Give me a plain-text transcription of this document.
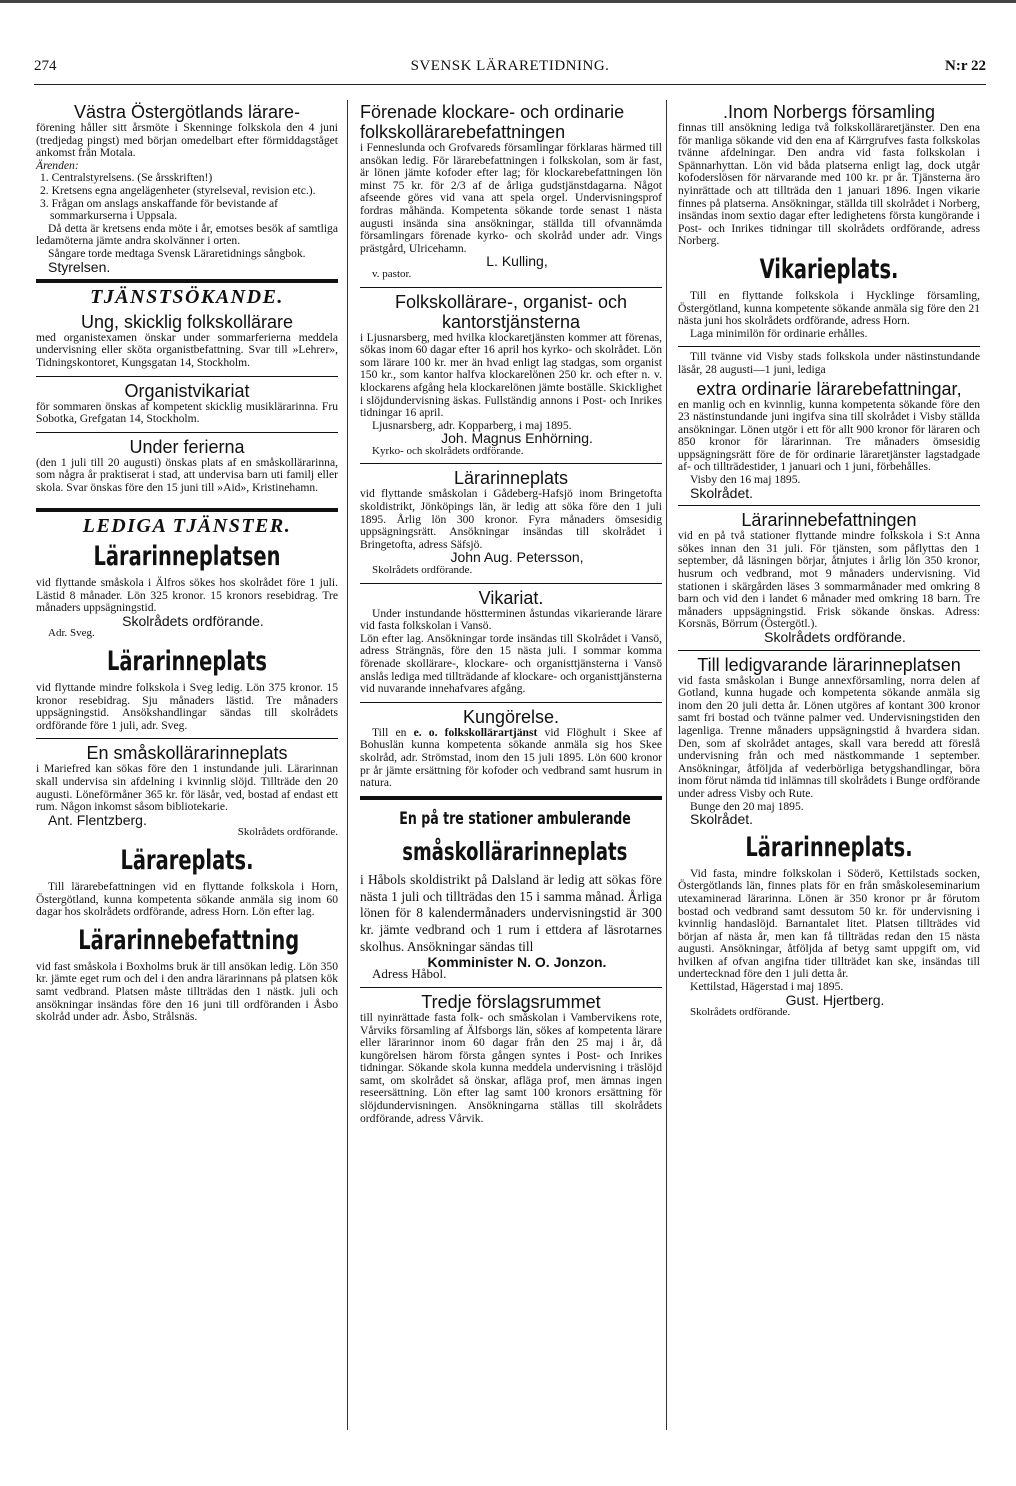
274	SVENSK LÄRARETIDNING.	N:r 22
Västra Östergötlands lärare-

förening håller sitt årsmöte i Skenninge folkskola den 4 juni (tredjedag pingst) med början omedelbart efter förmiddagståget ankomst från Motala.

Ärenden:

1. Centralstyrelsens. (Se årsskriften!)
2. Kretsens egna angelägenheter (styrelseval, revision etc.).
3. Frågan om anslags anskaffande för bevistande af sommarkurserna i Uppsala.

Då detta är kretsens enda möte i år, emotses besök af samtliga ledamöterna jämte andra skolvänner i orten.

Sångare torde medtaga Svensk Läraretidnings sångbok.

Styrelsen.

TJÄNSTSÖKANDE.
Ung, skicklig folkskollärare

med organistexamen önskar under sommarferierna meddela undervisning eller sköta organistbefattning. Svar till »Lehrer», Tidningskontoret, Kungsgatan 14, Stockholm.

Organistvikariat

för sommaren önskas af kompetent skicklig musiklärarinna. Fru Sobotka, Grefgatan 14, Stockholm.

Under ferierna

(den 1 juli till 20 augusti) önskas plats af en småskollärarinna, som några år praktiserat i stad, att undervisa barn uti familj eller skola. Svar önskas före den 15 juni till »Aid», Kristinehamn.

LEDIGA TJÄNSTER.
Lärarinneplatsen

vid flyttande småskola i Älfros sökes hos skolrådet före 1 juli. Lästid 8 månader. Lön 325 kronor. 15 kronors resebidrag. Tre månaders uppsägningstid.

Skolrådets ordförande.

Adr. Sveg.

Lärarinneplats

vid flyttande mindre folkskola i Sveg ledig. Lön 375 kronor. 15 kronor resebidrag. Sju månaders lästid. Tre månaders uppsägningstid. Ansökshandlingar sändas till skolrådets ordförande före 1 juli, adr. Sveg.

En småskollärarinneplats

i Mariefred kan sökas före den 1 instundande juli. Lärarinnan skall undervisa sin afdelning i kvinnlig slöjd. Tillträde den 20 augusti. Löneförmåner 365 kr. för läsår, ved, bostad af endast ett rum. Någon inkomst såsom bibliotekarie.

Ant. Flentzberg.

Skolrådets ordförande.

Lärareplats.

Till lärarebefattningen vid en flyttande folkskola i Horn, Östergötland, kunna kompetenta sökande anmäla sig inom 60 dagar hos skolrådets ordförande, adress Horn. Lön efter lag.

Lärarinnebefattning

vid fast småskola i Boxholms bruk är till ansökan ledig. Lön 350 kr. jämte eget rum och del i den andra lärarinnans på platsen kök samt vedbrand. Platsen måste tillträdas den 1 nästk. juli och ansökningar insändas före den 16 juni till ordföranden i Åsbo skolråd under adr. Åsbo, Strålsnäs.

Förenade klockare- och ordinarie folkskollärarebefattningen

i Fenneslunda och Grofvareds församlingar förklaras härmed till ansökan ledig. För lärarebefattningen i folkskolan, som är fast, är lönen jämte kofoder efter lag; för klockarebefattningen lön minst 75 kr. för 2/3 af de årliga gudstjänstdagarna. Något afseende göres vid vana att spela orgel. Undervisningsprof fordras måhända. Kompetenta sökande torde senast 1 nästa augusti insända sina ansökningar, ställda till ofvannämda församlingars förenade kyrko- och skolråd under adr. Vings prästgård, Ulricehamn.

L. Kulling,

v. pastor.

Folkskollärare-, organist- och kantorstjänsterna

i Ljusnarsberg, med hvilka klockaretjänsten kommer att förenas, sökas inom 60 dagar efter 16 april hos kyrko- och skolrådet. Lön som lärare 100 kr. mer än hvad enligt lag stadgas, som organist 150 kr., som kantor halfva klockarelönen 250 kr. och efter n. v. klockarens afgång hela klockarelönen jämte boställe. Skicklighet i slöjdundervisning äskas. Fullständig annons i Post- och Inrikes tidningar 16 april.

Ljusnarsberg, adr. Kopparberg, i maj 1895.

Joh. Magnus Enhörning.

Kyrko- och skolrådets ordförande.

Lärarinneplats

vid flyttande småskolan i Gådeberg-Hafsjö inom Bringetofta skoldistrikt, Jönköpings län, är ledig att söka före den 1 juli 1895. Årlig lön 300 kronor. Fyra månaders ömsesidig uppsägningsrätt. Ansökningar insändas till skolrådet i Bringetofta, adress Säfsjö.

John Aug. Petersson,

Skolrådets ordförande.

Vikariat.

Under instundande höstterminen åstundas vikarierande lärare vid fasta folkskolan i Vansö.

Lön efter lag. Ansökningar torde insändas till Skolrådet i Vansö, adress Strängnäs, före den 15 nästa juli. I sommar komma förenade skollärare-, klockare- och organisttjänsterna i Vansö anslås lediga med tillträdande af klockare- och organisttjänsterna vid nuvarande innehafvares afgång.

Kungörelse.

Till en e. o. folkskollärartjänst vid Flöghult i Skee af Bohuslän kunna kompetenta sökande anmäla sig hos Skee skolråd, adr. Strömstad, inom den 15 juli 1895. Lön 600 kronor pr år jämte ersättning för kofoder och vedbrand samt husrum in natura.

En på tre stationer ambulerande
småskollärarinneplats

i Håbols skoldistrikt på Dalsland är ledig att sökas före nästa 1 juli och tillträdas den 15 i samma månad. Årliga lönen för 8 kalendermånaders undervisningstid är 300 kr. jämte vedbrand och 1 rum i ettdera af läsrotarnes skolhus. Ansökningar sändas till

Komminister N. O. Jonzon.

Adress Håbol.

Tredje förslagsrummet

till nyinrättade fasta folk- och småskolan i Vambervikens rote, Vårviks församling af Älfsborgs län, sökes af kompetenta lärare eller lärarinnor inom 60 dagar från den 25 maj i år, då kungörelsen härom första gången syntes i Post- och Inrikes tidningar. Sökande skola kunna meddela undervisning i träslöjd samt, om skolrådet så önskar, afläga prof, men ämnas ingen reseersättning. Lön efter lag samt 100 kronors ersättning för slöjdundervisningen. Ansökningarna ställas till skolrådets ordförande, adress Vårvik.

.Inom Norbergs församling

finnas till ansökning lediga två folkskolläraretjänster. Den ena för manliga sökande vid den ena af Kärrgrufves fasta folkskolas tvänne afdelningar. Den andra vid fasta folkskolan i Spännarhyttan. Lön vid båda platserna enligt lag, dock utgår kofoderslösen för närvarande med 100 kr. pr år. Tjänsterna äro nyinrättade och att tillträda den 1 januari 1896. Ingen vikarie finnes på platserna. Ansökningar, ställda till skolrådet i Norberg, insändas inom sextio dagar efter ledighetens första kungörande i Post- och Inrikes tidningar till skolrådets ordförande, adress Norberg.

Vikarieplats.

Till en flyttande folkskola i Hycklinge församling, Östergötland, kunna kompetente sökande anmäla sig före den 21 nästa juni hos skolrådets ordförande, adress Horn.

Laga minimilön för ordinarie erhålles.

Till tvänne vid Visby stads folkskola under nästinstundande läsår, 28 augusti—1 juni, lediga

extra ordinarie lärarebefattningar,

en manlig och en kvinnlig, kunna kompetenta sökande före den 23 nästinstundande juni ingifva sina till skolrådet i Visby ställda ansökningar. Lönen utgör i ett för allt 900 kronor för läraren och 850 kronor för lärarinnan. Tre månaders ömsesidig uppsägningsrätt före de för ordinarie läraretjänster lagstadgade af- och tillträdestider, 1 januari och 1 juni, förbehålles.

Visby den 16 maj 1895.

Skolrådet.

Lärarinnebefattningen

vid en på två stationer flyttande mindre folkskola i S:t Anna sökes innan den 31 juli. För tjänsten, som påflyttas den 1 september, då läsningen börjar, åtnjutes i årlig lön 350 kronor, husrum och vedbrand, mot 9 månaders undervisning. Vid stationen i skärgården läses 3 sommarmånader med omkring 8 barn och vid den i landet 6 månader med omkring 18 barn. Tre månaders uppsägningstid. Frisk sökande önskas. Adress: Korsnäs, Börrum (Östergötl.).

Skolrådets ordförande.

Till ledigvarande lärarinneplatsen

vid fasta småskolan i Bunge annexförsamling, norra delen af Gotland, kunna hugade och kompetenta sökande anmäla sig inom den 20 juli detta år. Lönen utgöres af kontant 300 kronor samt fri bostad och tvänne palmer ved. Undervisningstiden den lagenliga. Trenne månaders uppsägningstid å hvardera sidan. Den, som af skolrådet antages, skall vara beredd att föreslå undervisning från och med nästkommande 1 september. Ansökningar, åtföljda af vederbörliga betygshandlingar, böra inom förut nämda tid inlämnas till skolrådets i Bunge ordförande under adress Visby och Rute.

Bunge den 20 maj 1895.

Skolrådet.

Lärarinneplats.

Vid fasta, mindre folkskolan i Söderö, Kettilstads socken, Östergötlands län, finnes plats för en från småskoleseminarium utexaminerad lärarinna. Lönen är 350 kronor pr år förutom bostad och vedbrand samt dessutom 50 kr. för undervisning i kvinnlig handaslöjd. Barnantalet litet. Platsen tillträdes vid början af nästa år, men kan få tillträdas redan den 15 nästa augusti. Ansökningar, åtföljda af betyg samt uppgift om, vid hvilken af ofvan angifna tider tillträdet kan ske, insändas till undertecknad före den 1 juli detta år.

Kettilstad, Hägerstad i maj 1895.

Gust. Hjertberg.

Skolrådets ordförande.
